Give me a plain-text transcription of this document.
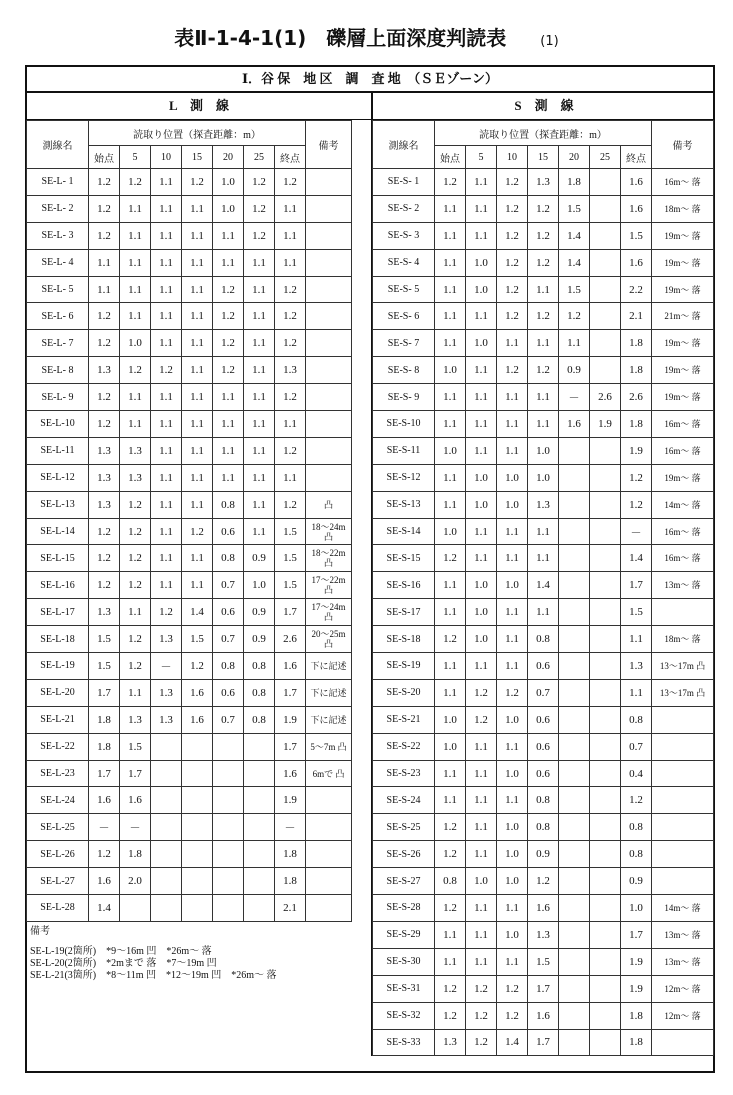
表Ⅱ-1-4-1(1)　礫層上面深度判読表	(1)
Ⅰ．谷 保　地 区　調　査 地　（ＳＥゾーン）
L　測　線
測線名	読取り位置（探査距離：m）							備考
	始点	5	10	15	20	25	終点	
SE-L- 1	1.2	1.2	1.1	1.2	1.0	1.2	1.2	
SE-L- 2	1.2	1.1	1.1	1.1	1.0	1.2	1.1	
SE-L- 3	1.2	1.1	1.1	1.1	1.1	1.2	1.1	
SE-L- 4	1.1	1.1	1.1	1.1	1.1	1.1	1.1	
SE-L- 5	1.1	1.1	1.1	1.1	1.2	1.1	1.2	
SE-L- 6	1.2	1.1	1.1	1.1	1.2	1.1	1.2	
SE-L- 7	1.2	1.0	1.1	1.1	1.2	1.1	1.2	
SE-L- 8	1.3	1.2	1.2	1.1	1.2	1.1	1.3	
SE-L- 9	1.2	1.1	1.1	1.1	1.1	1.1	1.2	
SE-L-10	1.2	1.1	1.1	1.1	1.1	1.1	1.1	
SE-L-11	1.3	1.3	1.1	1.1	1.1	1.1	1.2	
SE-L-12	1.3	1.3	1.1	1.1	1.1	1.1	1.1	
SE-L-13	1.3	1.2	1.1	1.1	0.8	1.1	1.2	凸
SE-L-14	1.2	1.2	1.1	1.2	0.6	1.1	1.5	18～24m 凸
SE-L-15	1.2	1.2	1.1	1.1	0.8	0.9	1.5	18～22m 凸
SE-L-16	1.2	1.2	1.1	1.1	0.7	1.0	1.5	17～22m 凸
SE-L-17	1.3	1.1	1.2	1.4	0.6	0.9	1.7	17～24m 凸
SE-L-18	1.5	1.2	1.3	1.5	0.7	0.9	2.6	20～25m 凸
SE-L-19	1.5	1.2	－	1.2	0.8	0.8	1.6	下に記述
SE-L-20	1.7	1.1	1.3	1.6	0.6	0.8	1.7	下に記述
SE-L-21	1.8	1.3	1.3	1.6	0.7	0.8	1.9	下に記述
SE-L-22	1.8	1.5					1.7	5～7m 凸
SE-L-23	1.7	1.7					1.6	6mで 凸
SE-L-24	1.6	1.6					1.9	
SE-L-25	－	－					－	
SE-L-26	1.2	1.8					1.8	
SE-L-27	1.6	2.0					1.8	
SE-L-28	1.4						2.1	
備考
SE-L-19(2箇所)　*9～16m 凹　*26m～ 落
SE-L-20(2箇所)　*2mまで 落　*7～19m 凹
SE-L-21(3箇所)　*8～11m 凹　*12～19m 凹　*26m～ 落
S　測　線
測線名	読取り位置（探査距離：m）							備考
	始点	5	10	15	20	25	終点	
SE-S- 1	1.2	1.1	1.2	1.3	1.8		1.6	16m～ 落
SE-S- 2	1.1	1.1	1.2	1.2	1.5		1.6	18m～ 落
SE-S- 3	1.1	1.1	1.2	1.2	1.4		1.5	19m～ 落
SE-S- 4	1.1	1.0	1.2	1.2	1.4		1.6	19m～ 落
SE-S- 5	1.1	1.0	1.2	1.1	1.5		2.2	19m～ 落
SE-S- 6	1.1	1.1	1.2	1.2	1.2		2.1	21m～ 落
SE-S- 7	1.1	1.0	1.1	1.1	1.1		1.8	19m～ 落
SE-S- 8	1.0	1.1	1.2	1.2	0.9		1.8	19m～ 落
SE-S- 9	1.1	1.1	1.1	1.1	－	2.6	2.6	19m～ 落
SE-S-10	1.1	1.1	1.1	1.1	1.6	1.9	1.8	16m～ 落
SE-S-11	1.0	1.1	1.1	1.0			1.9	16m～ 落
SE-S-12	1.1	1.0	1.0	1.0			1.2	19m～ 落
SE-S-13	1.1	1.0	1.0	1.3			1.2	14m～ 落
SE-S-14	1.0	1.1	1.1	1.1			－	16m～ 落
SE-S-15	1.2	1.1	1.1	1.1			1.4	16m～ 落
SE-S-16	1.1	1.0	1.0	1.4			1.7	13m～ 落
SE-S-17	1.1	1.0	1.1	1.1			1.5	
SE-S-18	1.2	1.0	1.1	0.8			1.1	18m～ 落
SE-S-19	1.1	1.1	1.1	0.6			1.3	13～17m 凸
SE-S-20	1.1	1.2	1.2	0.7			1.1	13～17m 凸
SE-S-21	1.0	1.2	1.0	0.6			0.8	
SE-S-22	1.0	1.1	1.1	0.6			0.7	
SE-S-23	1.1	1.1	1.0	0.6			0.4	
SE-S-24	1.1	1.1	1.1	0.8			1.2	
SE-S-25	1.2	1.1	1.0	0.8			0.8	
SE-S-26	1.2	1.1	1.0	0.9			0.8	
SE-S-27	0.8	1.0	1.0	1.2			0.9	
SE-S-28	1.2	1.1	1.1	1.6			1.0	14m～ 落
SE-S-29	1.1	1.1	1.0	1.3			1.7	13m～ 落
SE-S-30	1.1	1.1	1.1	1.5			1.9	13m～ 落
SE-S-31	1.2	1.2	1.2	1.7			1.9	12m～ 落
SE-S-32	1.2	1.2	1.2	1.6			1.8	12m～ 落
SE-S-33	1.3	1.2	1.4	1.7			1.8	
